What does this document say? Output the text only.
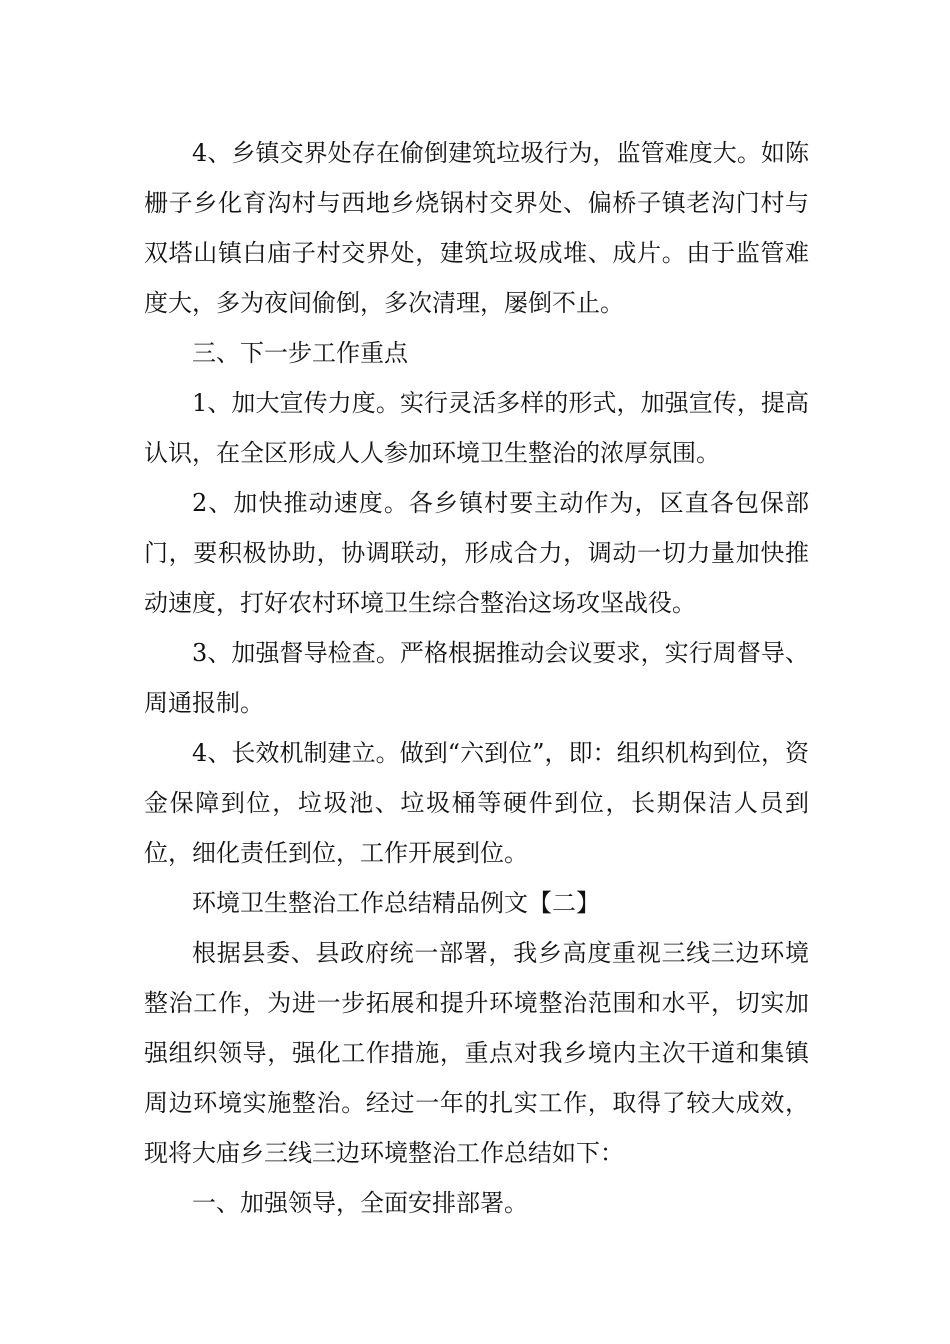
4、乡镇交界处存在偷倒建筑垃圾行为，监管难度大。如陈栅子乡化育沟村与西地乡烧锅村交界处、偏桥子镇老沟门村与双塔山镇白庙子村交界处，建筑垃圾成堆、成片。由于监管难度大，多为夜间偷倒，多次清理，屡倒不止。

三、下一步工作重点

1、加大宣传力度。实行灵活多样的形式，加强宣传，提高认识，在全区形成人人参加环境卫生整治的浓厚氛围。

2、加快推动速度。各乡镇村要主动作为，区直各包保部门，要积极协助，协调联动，形成合力，调动一切力量加快推动速度，打好农村环境卫生综合整治这场攻坚战役。

3、加强督导检查。严格根据推动会议要求，实行周督导、周通报制。

4、长效机制建立。做到“六到位”，即：组织机构到位，资金保障到位，垃圾池、垃圾桶等硬件到位，长期保洁人员到位，细化责任到位，工作开展到位。

环境卫生整治工作总结精品例文【二】

根据县委、县政府统一部署，我乡高度重视三线三边环境整治工作，为进一步拓展和提升环境整治范围和水平，切实加强组织领导，强化工作措施，重点对我乡境内主次干道和集镇周边环境实施整治。经过一年的扎实工作，取得了较大成效，现将大庙乡三线三边环境整治工作总结如下：

一、加强领导，全面安排部署。
